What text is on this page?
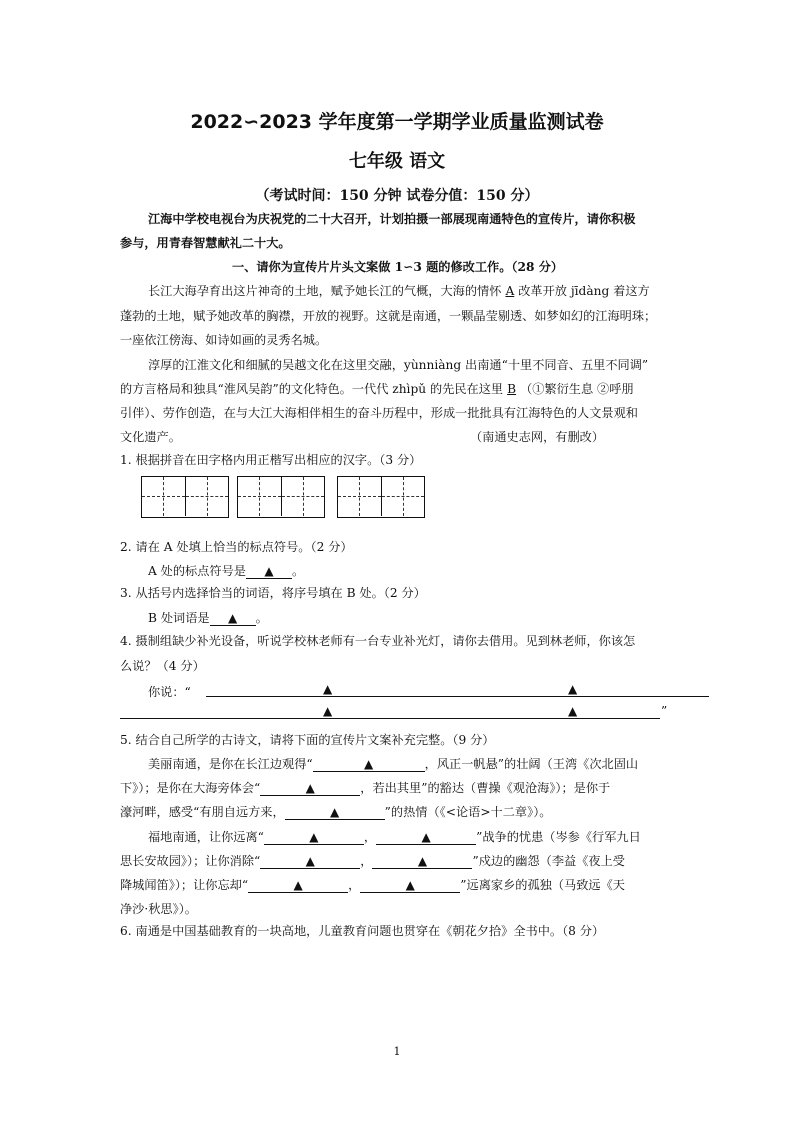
2022∽2023 学年度第一学期学业质量监测试卷
七年级 语文
（考试时间：150 分钟 试卷分值：150 分）
江海中学校电视台为庆祝党的二十大召开，计划拍摄一部展现南通特色的宣传片，请你积极
参与，用青春智慧献礼二十大。
一、请你为宣传片片头文案做 1∽3 题的修改工作。（28 分）
长江大海孕育出这片神奇的土地，赋予她长江的气概，大海的情怀 A 改革开放 jīdàng 着这方
蓬勃的土地，赋予她改革的胸襟，开放的视野。这就是南通，一颗晶莹剔透、如梦如幻的江海明珠；
一座依江傍海、如诗如画的灵秀名城。
淳厚的江淮文化和细腻的吴越文化在这里交融，yùnniàng 出南通“十里不同音、五里不同调”
的方言格局和独具“淮风吴韵”的文化特色。一代代 zhìpǔ 的先民在这里 B （①繁衍生息 ②呼朋
引伴）、劳作创造，在与大江大海相伴相生的奋斗历程中，形成一批批具有江海特色的人文景观和
文化遗产。	（南通史志网，有删改）
1. 根据拼音在田字格内用正楷写出相应的汉字。（3 分）
2. 请在 A 处填上恰当的标点符号。（2 分）
A 处的标点符号是 ▲ 。
3. 从括号内选择恰当的词语，将序号填在 B 处。（2 分）
B 处词语是 ▲ 。
4. 摄制组缺少补光设备，听说学校林老师有一台专业补光灯，请你去借用。见到林老师，你该怎
么说？（4 分）
你说：“	▲	▲
▲	▲	”
5. 结合自己所学的古诗文，请将下面的宣传片文案补充完整。（9 分）
美丽南通，是你在长江边观得“	▲	，风正一帆悬”的壮阔（王湾《次北固山
下》）；是你在大海旁体会“	▲	，若出其里”的豁达（曹操《观沧海》）；是你于
濠河畔，感受“有朋自远方来，	▲	”的热情（《<论语>十二章》）。
福地南通，让你远离“	▲	，	▲	”战争的忧患（岑参《行军九日
思长安故园》）；让你消除“	▲	，	▲	”戍边的幽怨（李益《夜上受
降城闻笛》）；让你忘却“	▲	，	▲	”远离家乡的孤独（马致远《天
净沙·秋思》）。
6. 南通是中国基础教育的一块高地，儿童教育问题也贯穿在《朝花夕拾》全书中。（8 分）
1
